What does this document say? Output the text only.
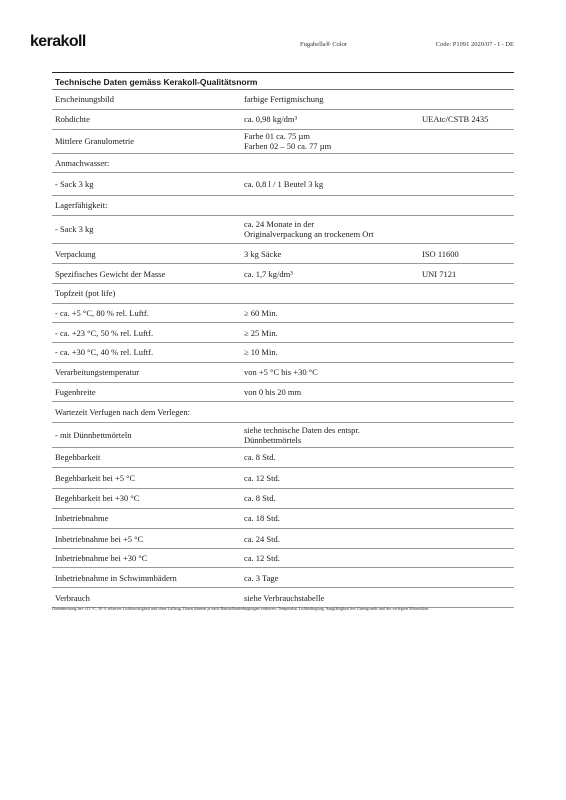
kerakoll	Fugabella® Color	Code: P1091 2020/07 - I - DE
Technische Daten gemäss Kerakoll-Qualitätsnorm
Erscheinungsbild	farbige Fertigmischung
Rohdichte	ca. 0,98 kg/dm³	UEAtc/CSTB 2435
Mittlere Granulometrie	Farbe 01 ca. 75 µm
Farben 02 – 50 ca. 77 µm
Anmachwasser:
- Sack 3 kg	ca. 0,8 l / 1 Beutel 3 kg
Lagerfähigkeit:
- Sack 3 kg	ca. 24 Monate in der
Originalverpackung an trockenem Ort
Verpackung	3 kg Säcke	ISO 11600
Spezifisches Gewicht der Masse	ca. 1,7 kg/dm³	UNI 7121
Topfzeit (pot life)
- ca. +5 °C, 80 % rel. Luftf.	≥ 60 Min.
- ca. +23 °C, 50 % rel. Luftf.	≥ 25 Min.
- ca. +30 °C, 40 % rel. Luftf.	≥ 10 Min.
Verarbeitungstemperatur	von +5 °C bis +30 °C
Fugenbreite	von 0 bis 20 mm
Wartezeit Verfugen nach dem Verlegen:
- mit Dünnbettmörteln	siehe technische Daten des entspr.
Dünnbettmörtels
Begehbarkeit	ca. 8 Std.
Begehbarkeit bei +5 °C	ca. 12 Std.
Begehbarkeit bei +30 °C	ca. 8 Std.
Inbetriebnahme	ca. 18 Std.
Inbetriebnahme bei +5 °C	ca. 24 Std.
Inbetriebnahme bei +30 °C	ca. 12 Std.
Inbetriebnahme in Schwimmbädern	ca. 3 Tage
Verbrauch	siehe Verbrauchstabelle
Datenmessung bei +23 °C, 50 % relativer Luftfeuchtigkeit und ohne Luftzug. Daten können je nach Baustellenbedingungen variieren: Temperatur, Luftbedingung, Saugfähigkeit des Untergrunds und der verlegten Materialien.
